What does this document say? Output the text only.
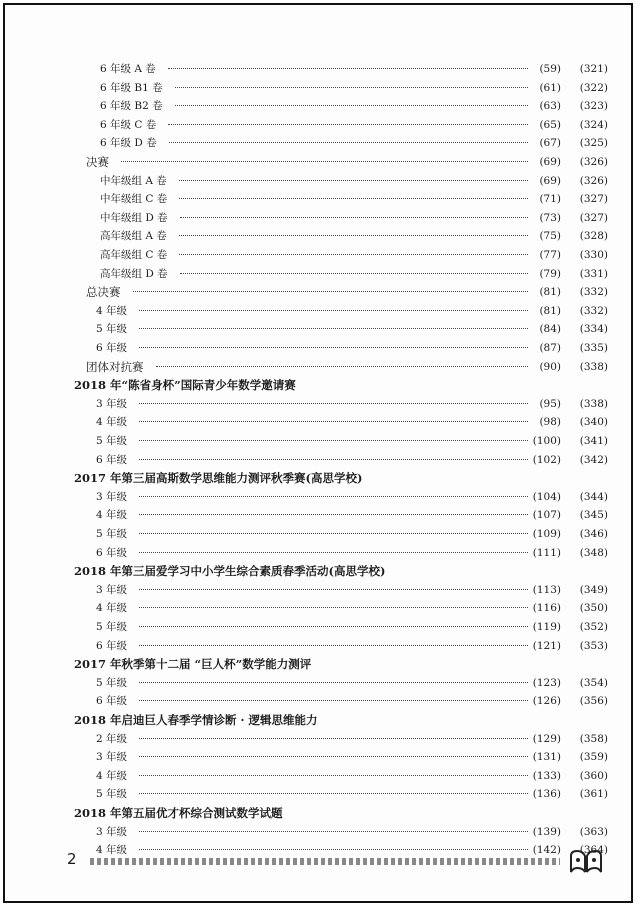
6 年级 A 卷	(59)	(321)
6 年级 B1 卷	(61)	(322)
6 年级 B2 卷	(63)	(323)
6 年级 C 卷	(65)	(324)
6 年级 D 卷	(67)	(325)
决赛	(69)	(326)
中年级组 A 卷	(69)	(326)
中年级组 C 卷	(71)	(327)
中年级组 D 卷	(73)	(327)
高年级组 A 卷	(75)	(328)
高年级组 C 卷	(77)	(330)
高年级组 D 卷	(79)	(331)
总决赛	(81)	(332)
4 年级	(81)	(332)
5 年级	(84)	(334)
6 年级	(87)	(335)
团体对抗赛	(90)	(338)
2018 年“陈省身杯”国际青少年数学邀请赛
3 年级	(95)	(338)
4 年级	(98)	(340)
5 年级	(100)	(341)
6 年级	(102)	(342)
2017 年第三届高斯数学思维能力测评秋季赛(高思学校)
3 年级	(104)	(344)
4 年级	(107)	(345)
5 年级	(109)	(346)
6 年级	(111)	(348)
2018 年第三届爱学习中小学生综合素质春季活动(高思学校)
3 年级	(113)	(349)
4 年级	(116)	(350)
5 年级	(119)	(352)
6 年级	(121)	(353)
2017 年秋季第十二届 “巨人杯”数学能力测评
5 年级	(123)	(354)
6 年级	(126)	(356)
2018 年启迪巨人春季学情诊断 · 逻辑思维能力
2 年级	(129)	(358)
3 年级	(131)	(359)
4 年级	(133)	(360)
5 年级	(136)	(361)
2018 年第五届优才杯综合测试数学试题
3 年级	(139)	(363)
4 年级	(142)	(364)
2
